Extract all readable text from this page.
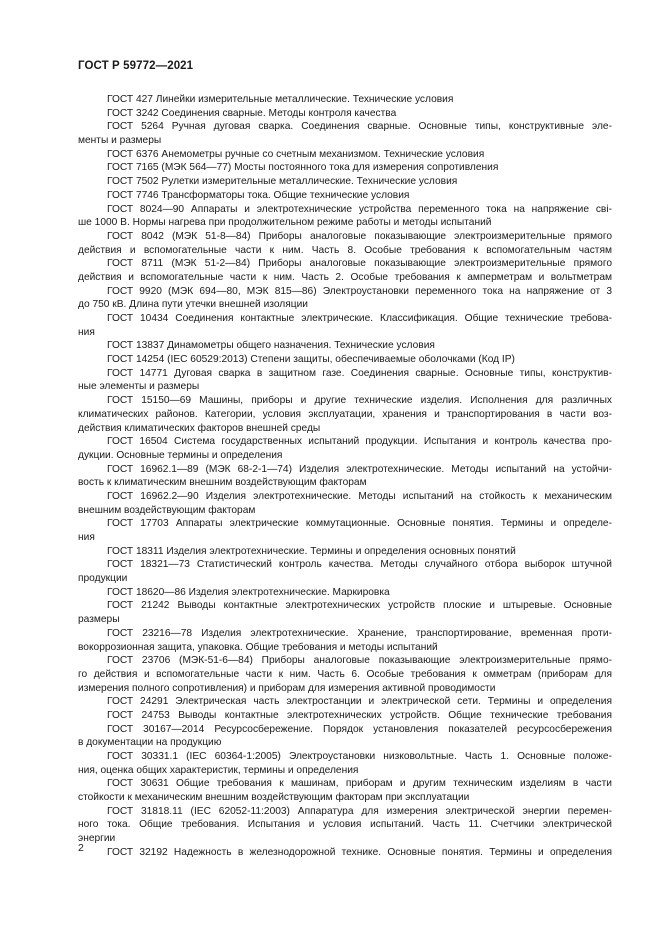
ГОСТ Р 59772—2021
ГОСТ 427 Линейки измерительные металлические. Технические условия
ГОСТ 3242 Соединения сварные. Методы контроля качества
ГОСТ 5264 Ручная дуговая сварка. Соединения сварные. Основные типы, конструктивные эле-
менты и размеры
ГОСТ 6376 Анемометры ручные со счетным механизмом. Технические условия
ГОСТ 7165 (МЭК 564—77) Мосты постоянного тока для измерения сопротивления
ГОСТ 7502 Рулетки измерительные металлические. Технические условия
ГОСТ 7746 Трансформаторы тока. Общие технические условия
ГОСТ 8024—90 Аппараты и электротехнические устройства переменного тока на напряжение сві-
ше 1000 В. Нормы нагрева при продолжительном режиме работы и методы испытаний
ГОСТ 8042 (МЭК 51-8—84) Приборы аналоговые показывающие электроизмерительные прямого
действия и вспомогательные части к ним. Часть 8. Особые требования к вспомогательным частям
ГОСТ 8711 (МЭК 51-2—84) Приборы аналоговые показывающие электроизмерительные прямого
действия и вспомогательные части к ним. Часть 2. Особые требования к амперметрам и вольтметрам
ГОСТ 9920 (МЭК 694—80, МЭК 815—86) Электроустановки переменного тока на напряжение от 3
до 750 кВ. Длина пути утечки внешней изоляции
ГОСТ 10434 Соединения контактные электрические. Классификация. Общие технические требова-
ния
ГОСТ 13837 Динамометры общего назначения. Технические условия
ГОСТ 14254 (IEC 60529:2013) Степени защиты, обеспечиваемые оболочками (Код IP)
ГОСТ 14771 Дуговая сварка в защитном газе. Соединения сварные. Основные типы, конструктив-
ные элементы и размеры
ГОСТ 15150—69 Машины, приборы и другие технические изделия. Исполнения для различных
климатических районов. Категории, условия эксплуатации, хранения и транспортирования в части воз-
действия климатических факторов внешней среды
ГОСТ 16504 Система государственных испытаний продукции. Испытания и контроль качества про-
дукции. Основные термины и определения
ГОСТ 16962.1—89 (МЭК 68-2-1—74) Изделия электротехнические. Методы испытаний на устойчи-
вость к климатическим внешним воздействующим факторам
ГОСТ 16962.2—90 Изделия электротехнические. Методы испытаний на стойкость к механическим
внешним воздействующим факторам
ГОСТ 17703 Аппараты электрические коммутационные. Основные понятия. Термины и определе-
ния
ГОСТ 18311 Изделия электротехнические. Термины и определения основных понятий
ГОСТ 18321—73 Статистический контроль качества. Методы случайного отбора выборок штучной
продукции
ГОСТ 18620—86 Изделия электротехнические. Маркировка
ГОСТ 21242 Выводы контактные электротехнических устройств плоские и штыревые. Основные
размеры
ГОСТ 23216—78 Изделия электротехнические. Хранение, транспортирование, временная проти-
вокоррозионная защита, упаковка. Общие требования и методы испытаний
ГОСТ 23706 (МЭК-51-6—84) Приборы аналоговые показывающие электроизмерительные прямо-
го действия и вспомогательные части к ним. Часть 6. Особые требования к омметрам (приборам для
измерения полного сопротивления) и приборам для измерения активной проводимости
ГОСТ 24291 Электрическая часть электростанции и электрической сети. Термины и определения
ГОСТ 24753 Выводы контактные электротехнических устройств. Общие технические требования
ГОСТ 30167—2014 Ресурсосбережение. Порядок установления показателей ресурсосбережения
в документации на продукцию
ГОСТ 30331.1 (IEC 60364-1:2005) Электроустановки низковольтные. Часть 1. Основные положе-
ния, оценка общих характеристик, термины и определения
ГОСТ 30631 Общие требования к машинам, приборам и другим техническим изделиям в части
стойкости к механическим внешним воздействующим факторам при эксплуатации
ГОСТ 31818.11 (IEC 62052-11:2003) Аппаратура для измерения электрической энергии перемен-
ного тока. Общие требования. Испытания и условия испытаний. Часть 11. Счетчики электрической
энергии
ГОСТ 32192 Надежность в железнодорожной технике. Основные понятия. Термины и определения
2
